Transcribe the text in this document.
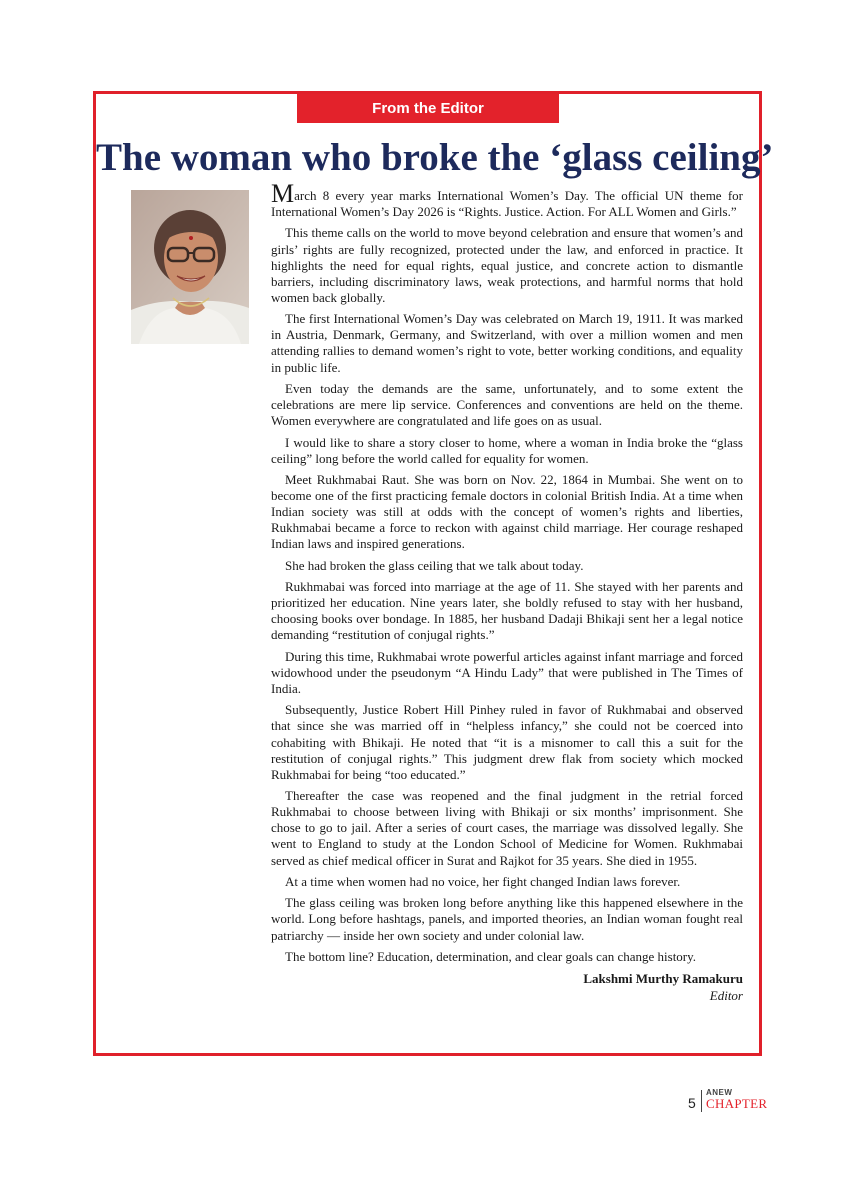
From the Editor
The woman who broke the ‘glass ceiling’

March 8 every year marks International Women’s Day. The official UN theme for International Women’s Day 2026 is “Rights. Justice. Action. For ALL Women and Girls.”

This theme calls on the world to move beyond celebration and ensure that women’s and girls’ rights are fully recognized, protected under the law, and enforced in practice. It highlights the need for equal rights, equal justice, and concrete action to dismantle barriers, including discriminatory laws, weak protections, and harmful norms that hold women back globally.

The first International Women’s Day was celebrated on March 19, 1911. It was marked in Austria, Denmark, Germany, and Switzerland, with over a million women and men attending rallies to demand women’s right to vote, better working conditions, and equality in public life.

Even today the demands are the same, unfortunately, and to some extent the celebrations are mere lip service. Conferences and conventions are held on the theme. Women everywhere are congratulated and life goes on as usual.

I would like to share a story closer to home, where a woman in India broke the “glass ceiling” long before the world called for equality for women.

Meet Rukhmabai Raut. She was born on Nov. 22, 1864 in Mumbai. She went on to become one of the first practicing female doctors in colonial British India. At a time when Indian society was still at odds with the concept of women’s rights and liberties, Rukhmabai became a force to reckon with against child marriage. Her courage reshaped Indian laws and inspired generations.

She had broken the glass ceiling that we talk about today.

Rukhmabai was forced into marriage at the age of 11. She stayed with her parents and prioritized her education. Nine years later, she boldly refused to stay with her husband, choosing books over bondage. In 1885, her husband Dadaji Bhikaji sent her a legal notice demanding “restitution of conjugal rights.”

During this time, Rukhmabai wrote powerful articles against infant marriage and forced widowhood under the pseudonym “A Hindu Lady” that were published in The Times of India.

Subsequently, Justice Robert Hill Pinhey ruled in favor of Rukhmabai and observed that since she was married off in “helpless infancy,” she could not be coerced into cohabiting with Bhikaji. He noted that “it is a misnomer to call this a suit for the restitution of conjugal rights.” This judgment drew flak from society which mocked Rukhmabai for being “too educated.”

Thereafter the case was reopened and the final judgment in the retrial forced Rukhmabai to choose between living with Bhikaji or six months’ imprisonment. She chose to go to jail. After a series of court cases, the marriage was dissolved legally. She went to England to study at the London School of Medicine for Women. Rukhmabai served as chief medical officer in Surat and Rajkot for 35 years. She died in 1955.

At a time when women had no voice, her fight changed Indian laws forever.

The glass ceiling was broken long before anything like this happened elsewhere in the world. Long before hashtags, panels, and imported theories, an Indian woman fought real patriarchy — inside her own society and under colonial law.

The bottom line? Education, determination, and clear goals can change history.

Lakshmi Murthy Ramakuru
Editor
5
ANEW
CHAPTER
